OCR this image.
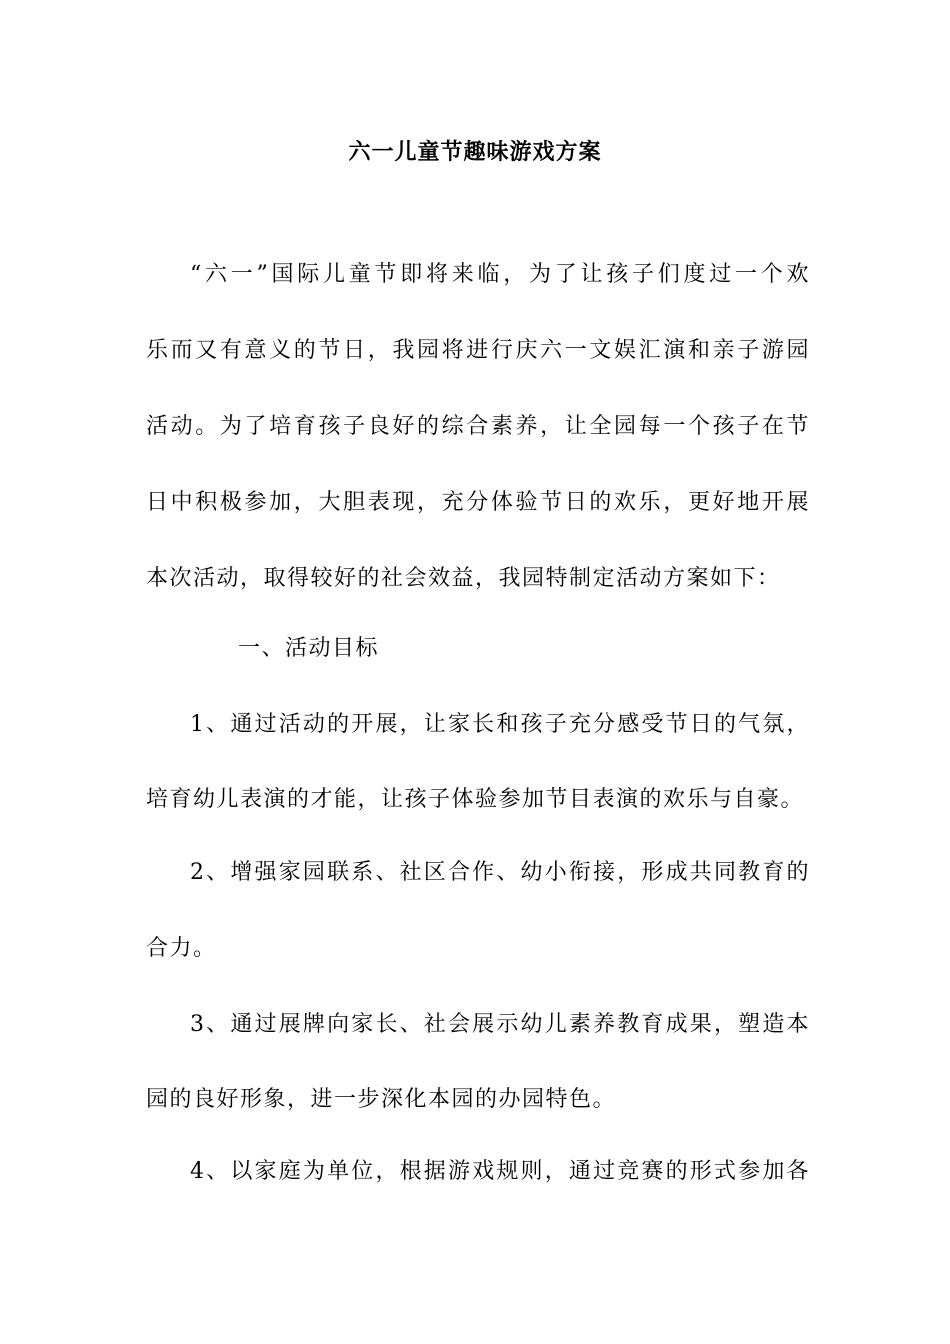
六一儿童节趣味游戏方案
“六一”国际儿童节即将来临，为了让孩子们度过一个欢
乐而又有意义的节日，我园将进行庆六一文娱汇演和亲子游园
活动。为了培育孩子良好的综合素养，让全园每一个孩子在节
日中积极参加，大胆表现，充分体验节日的欢乐，更好地开展
本次活动，取得较好的社会效益，我园特制定活动方案如下：
一、活动目标
1、通过活动的开展，让家长和孩子充分感受节日的气氛，
培育幼儿表演的才能，让孩子体验参加节目表演的欢乐与自豪。
2、增强家园联系、社区合作、幼小衔接，形成共同教育的
合力。
3、通过展牌向家长、社会展示幼儿素养教育成果，塑造本
园的良好形象，进一步深化本园的办园特色。
4、以家庭为单位，根据游戏规则，通过竞赛的形式参加各
